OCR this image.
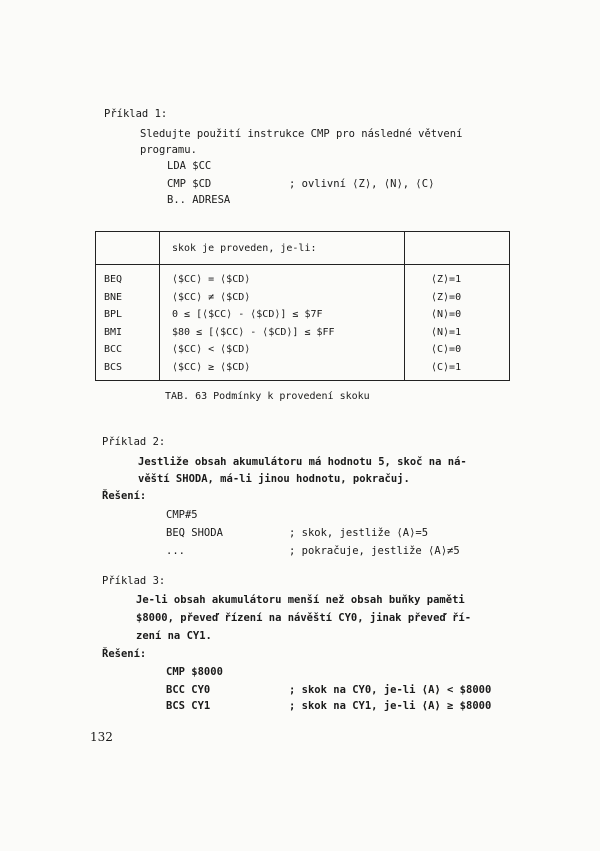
Příklad 1:
Sledujte použití instrukce CMP pro následné větvení
programu.
LDA $CC
CMP $CD	; ovlivní ⟨Z⟩, ⟨N⟩, ⟨C⟩
B.. ADRESA
	skok je proveden, je-li:	
BEQ	⟨$CC⟩ = ⟨$CD⟩	⟨Z⟩=1
BNE	⟨$CC⟩ ≠ ⟨$CD⟩	⟨Z⟩=0
BPL	0 ≤ [⟨$CC⟩ - ⟨$CD⟩] ≤ $7F	⟨N⟩=0
BMI	$80 ≤ [⟨$CC⟩ - ⟨$CD⟩] ≤ $FF	⟨N⟩=1
BCC	⟨$CC⟩ < ⟨$CD⟩	⟨C⟩=0
BCS	⟨$CC⟩ ≥ ⟨$CD⟩	⟨C⟩=1
TAB. 63 Podmínky k provedení skoku
Příklad 2:
Jestliže obsah akumulátoru má hodnotu 5, skoč na ná-
věští SHODA, má-li jinou hodnotu, pokračuj.
Řešení:
CMP#5
BEQ SHODA	; skok, jestliže ⟨A⟩=5
...	; pokračuje, jestliže ⟨A⟩≠5
Příklad 3:
Je-li obsah akumulátoru menší než obsah buňky paměti
$8000, převeď řízení na návěští CY0, jinak převeď ří-
zení na CY1.
Řešení:
CMP $8000
BCC CY0	; skok na CY0, je-li ⟨A⟩ < $8000
BCS CY1	; skok na CY1, je-li ⟨A⟩ ≥ $8000
132
